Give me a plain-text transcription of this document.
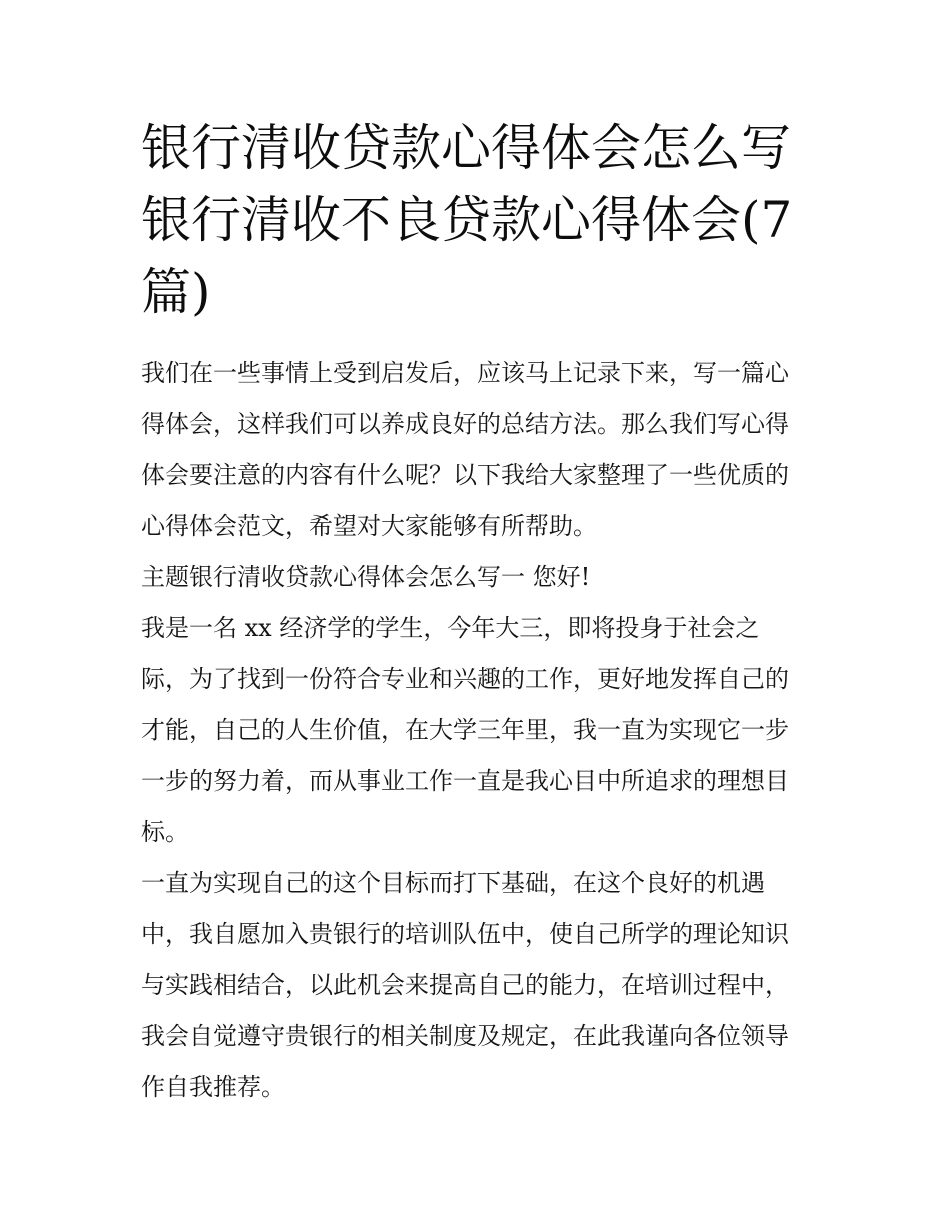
银行清收贷款心得体会怎么写
银行清收不良贷款心得体会(7
篇)
我们在一些事情上受到启发后，应该马上记录下来，写一篇心
得体会，这样我们可以养成良好的总结方法。那么我们写心得
体会要注意的内容有什么呢？以下我给大家整理了一些优质的
心得体会范文，希望对大家能够有所帮助。
主题银行清收贷款心得体会怎么写一 您好!
我是一名 xx 经济学的学生，今年大三，即将投身于社会之
际，为了找到一份符合专业和兴趣的工作，更好地发挥自己的
才能，自己的人生价值，在大学三年里，我一直为实现它一步
一步的努力着，而从事业工作一直是我心目中所追求的理想目
标。
一直为实现自己的这个目标而打下基础，在这个良好的机遇
中，我自愿加入贵银行的培训队伍中，使自己所学的理论知识
与实践相结合，以此机会来提高自己的能力，在培训过程中，
我会自觉遵守贵银行的相关制度及规定，在此我谨向各位领导
作自我推荐。
